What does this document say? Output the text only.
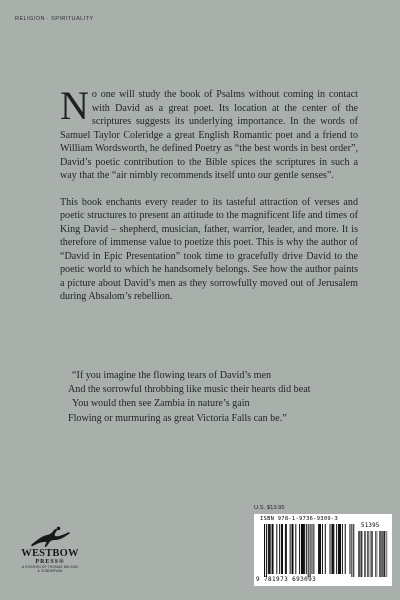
RELIGION · SPIRITUALITY

No one will study the book of Psalms without coming in contact with David as a great poet. Its location at the center of the scriptures suggests its underlying importance. In the words of Samuel Taylor Coleridge a great English Romantic poet and a friend to William Wordsworth, he defined Poetry as “the best words in best order”, David’s poetic contribution to the Bible spices the scriptures in such a way that the “air nimbly recommends itself unto our gentle senses”.

This book enchants every reader to its tasteful attraction of verses and poetic structures to present an attitude to the magnificent life and times of King David – shepherd, musician, father, warrior, leader, and more. It is therefore of immense value to poetize this poet. This is why the author of “David in Epic Presentation” took time to gracefully drive David to the poetic world to which he handsomely belongs. See how the author paints a picture about David’s men as they sorrowfully moved out of Jerusalem during Absalom’s rebellion.

“If you imagine the flowing tears of David’s men
And the sorrowful throbbing like music their hearts did beat
You would then see Zambia in nature’s gain
Flowing or murmuring as great Victoria Falls can be.”
WESTBOW
PRESS®
A DIVISION OF THOMAS NELSON
& ZONDERVAN
U.S. $13.95
ISBN 978-1-9736-9309-3
51395
9 781973 693093
